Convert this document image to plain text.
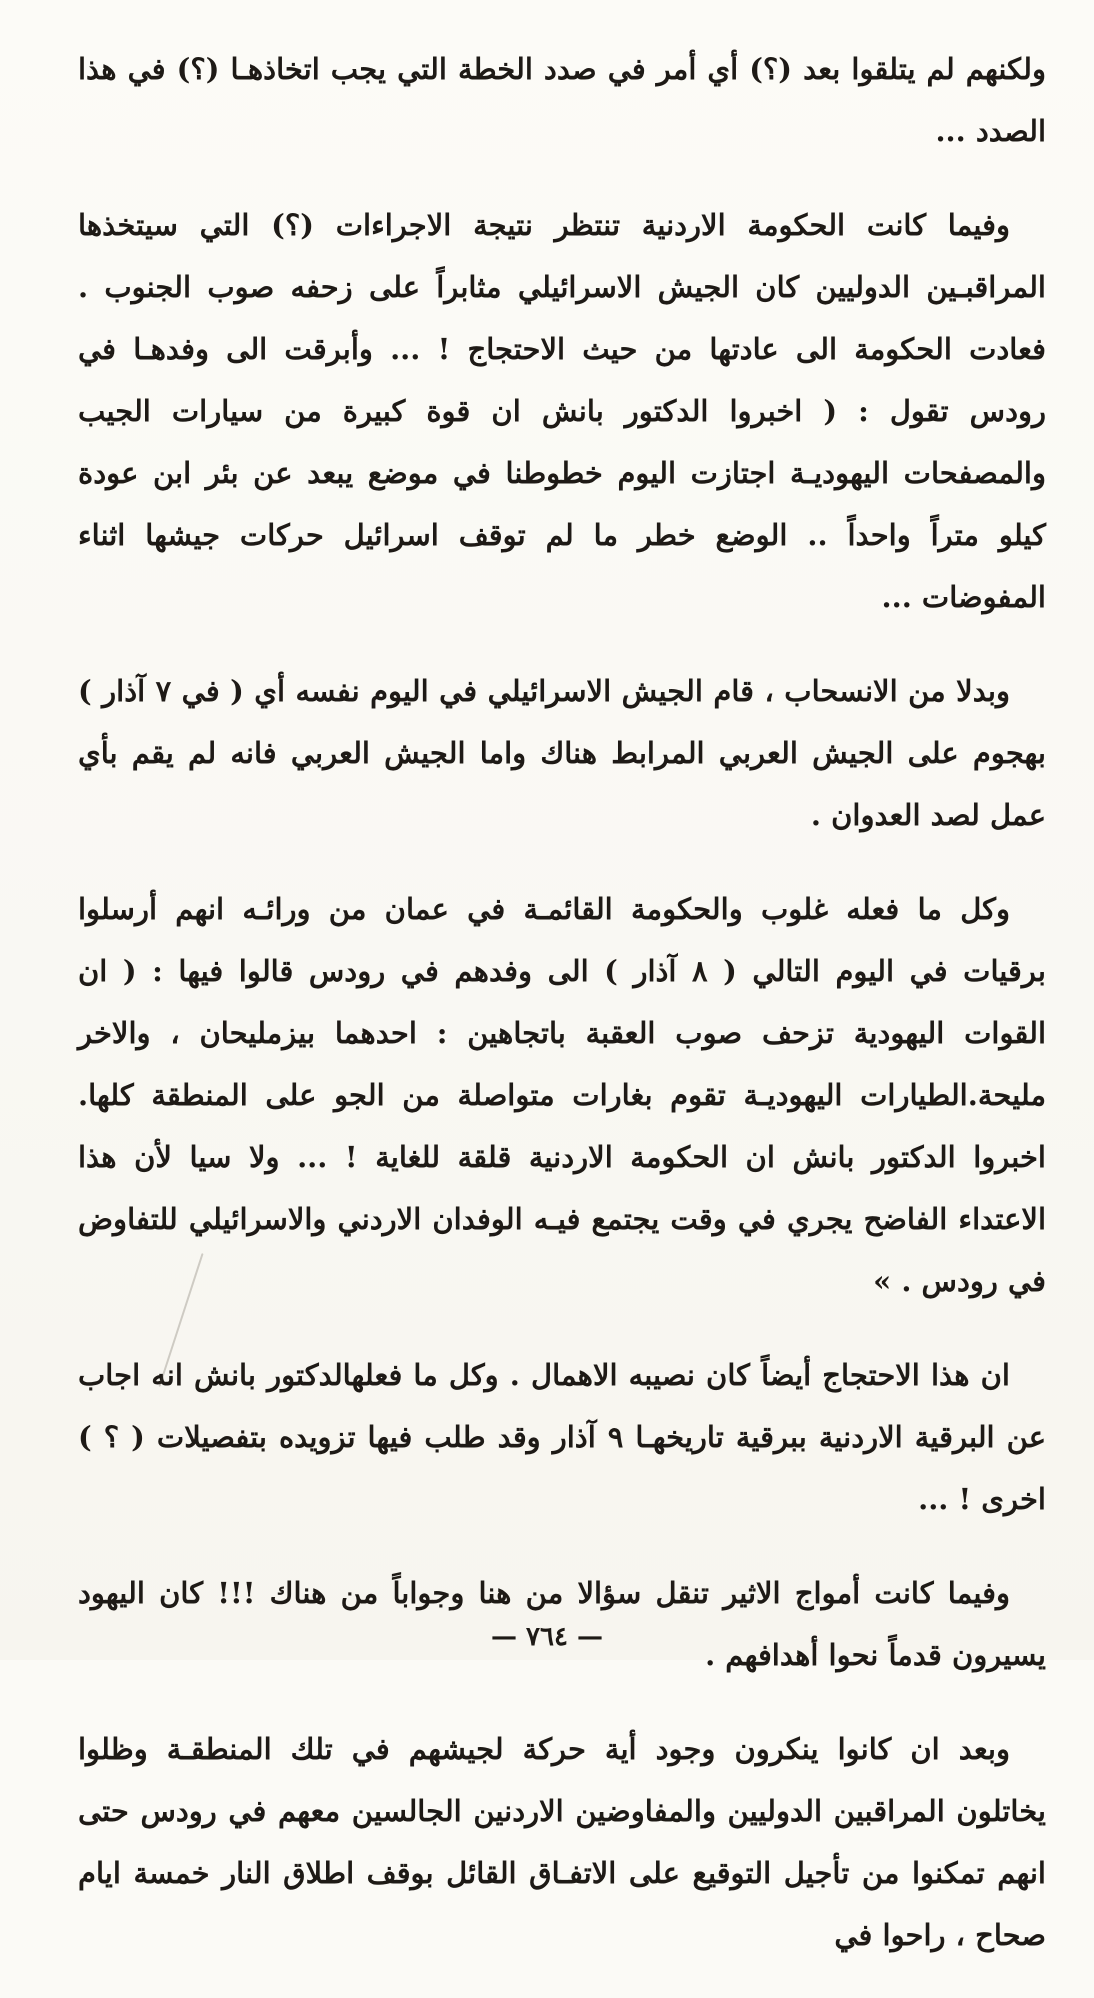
ولكنهم لم يتلقوا بعد (؟) أي أمر في صدد الخطة التي يجب اتخاذهـا (؟) في هذا الصدد ...

وفيما كانت الحكومة الاردنية تنتظر نتيجة الاجراءات (؟) التي سيتخذها المراقبـين الدوليين كان الجيش الاسرائيلي مثابراً على زحفه صوب الجنوب . فعادت الحكومة الى عادتها من حيث الاحتجاج ! ... وأبرقت الى وفدهـا في رودس تقول : ( اخبروا الدكتور بانش ان قوة كبيرة من سيارات الجيب والمصفحات اليهوديـة اجتازت اليوم خطوطنا في موضع يبعد عن بئر ابن عودة كيلو متراً واحداً .. الوضع خطر ما لم توقف اسرائيل حركات جيشها اثناء المفوضات ...

وبدلا من الانسحاب ، قام الجيش الاسرائيلي في اليوم نفسه أي ( في ٧ آذار ) بهجوم على الجيش العربي المرابط هناك واما الجيش العربي فانه لم يقم بأي عمل لصد العدوان .

وكل ما فعله غلوب والحكومة القائمـة في عمان من ورائـه انهم أرسلوا برقيات في اليوم التالي ( ٨ آذار ) الى وفدهم في رودس قالوا فيها : ( ان القوات اليهودية تزحف صوب العقبة باتجاهين : احدهما بيزمليحان ، والاخر مليحة.الطيارات اليهوديـة تقوم بغارات متواصلة من الجو على المنطقة كلها. اخبروا الدكتور بانش ان الحكومة الاردنية قلقة للغاية ! ... ولا سيا لأن هذا الاعتداء الفاضح يجري في وقت يجتمع فيـه الوفدان الاردني والاسرائيلي للتفاوض في رودس . »

ان هذا الاحتجاج أيضاً كان نصيبه الاهمال . وكل ما فعلهالدكتور بانش انه اجاب عن البرقية الاردنية ببرقية تاريخهـا ٩ آذار وقد طلب فيها تزويده بتفصيلات ( ؟ ) اخرى ! ...

وفيما كانت أمواج الاثير تنقل سؤالا من هنا وجواباً من هناك !!! كان اليهود يسيرون قدماً نحوا أهدافهم .

وبعد ان كانوا ينكرون وجود أية حركة لجيشهم في تلك المنطقـة وظلوا يخاتلون المراقبين الدوليين والمفاوضين الاردنين الجالسين معهم في رودس حتى انهم تمكنوا من تأجيل التوقيع على الاتفـاق القائل بوقف اطلاق النار خمسة ايام صحاح ، راحوا في

— ٧٦٤ —
